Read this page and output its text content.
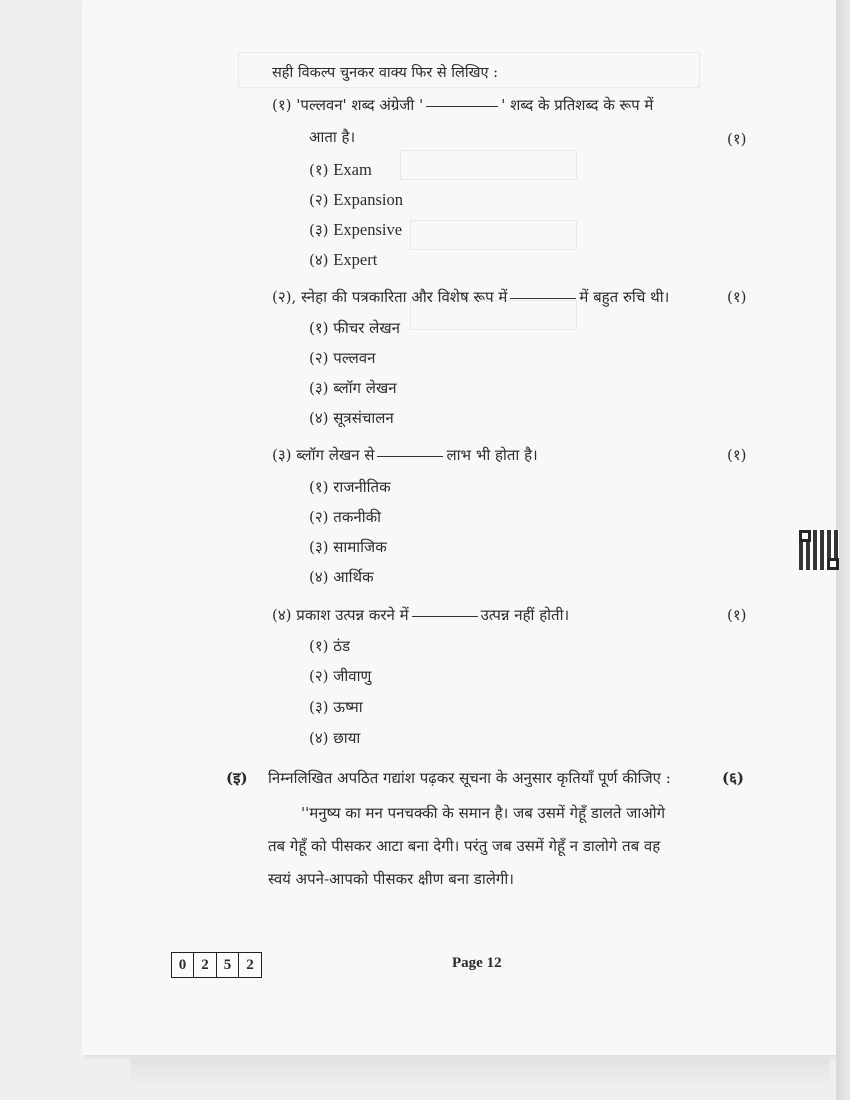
सही विकल्प चुनकर वाक्य फिर से लिखिए :
(१) 'पल्लवन' शब्द अंग्रेजी '	' शब्द के प्रतिशब्द के रूप में
आता है।	(१)
(१) Exam
(२) Expansion
(३) Expensive
(४) Expert
(२), स्नेहा की पत्रकारिता और विशेष रूप में	में बहुत रुचि थी।	(१)
(१) फीचर लेखन
(२) पल्लवन
(३) ब्लॉग लेखन
(४) सूत्रसंचालन
(३) ब्लॉग लेखन से	लाभ भी होता है।	(१)
(१) राजनीतिक
(२) तकनीकी
(३) सामाजिक
(४) आर्थिक
(४) प्रकाश उत्पन्न करने में	उत्पन्न नहीं होती।	(१)
(१) ठंड
(२) जीवाणु
(३) ऊष्मा
(४) छाया
(इ) निम्नलिखित अपठित गद्यांश पढ़कर सूचना के अनुसार कृतियाँ पूर्ण कीजिए :	(६)
''मनुष्य का मन पनचक्की के समान है। जब उसमें गेहूँ डालते जाओगे
तब गेहूँ को पीसकर आटा बना देगी। परंतु जब उसमें गेहूँ न डालोगे तब वह
स्वयं अपने-आपको पीसकर क्षीण बना डालेगी।
0	2	5	2	Page 12
